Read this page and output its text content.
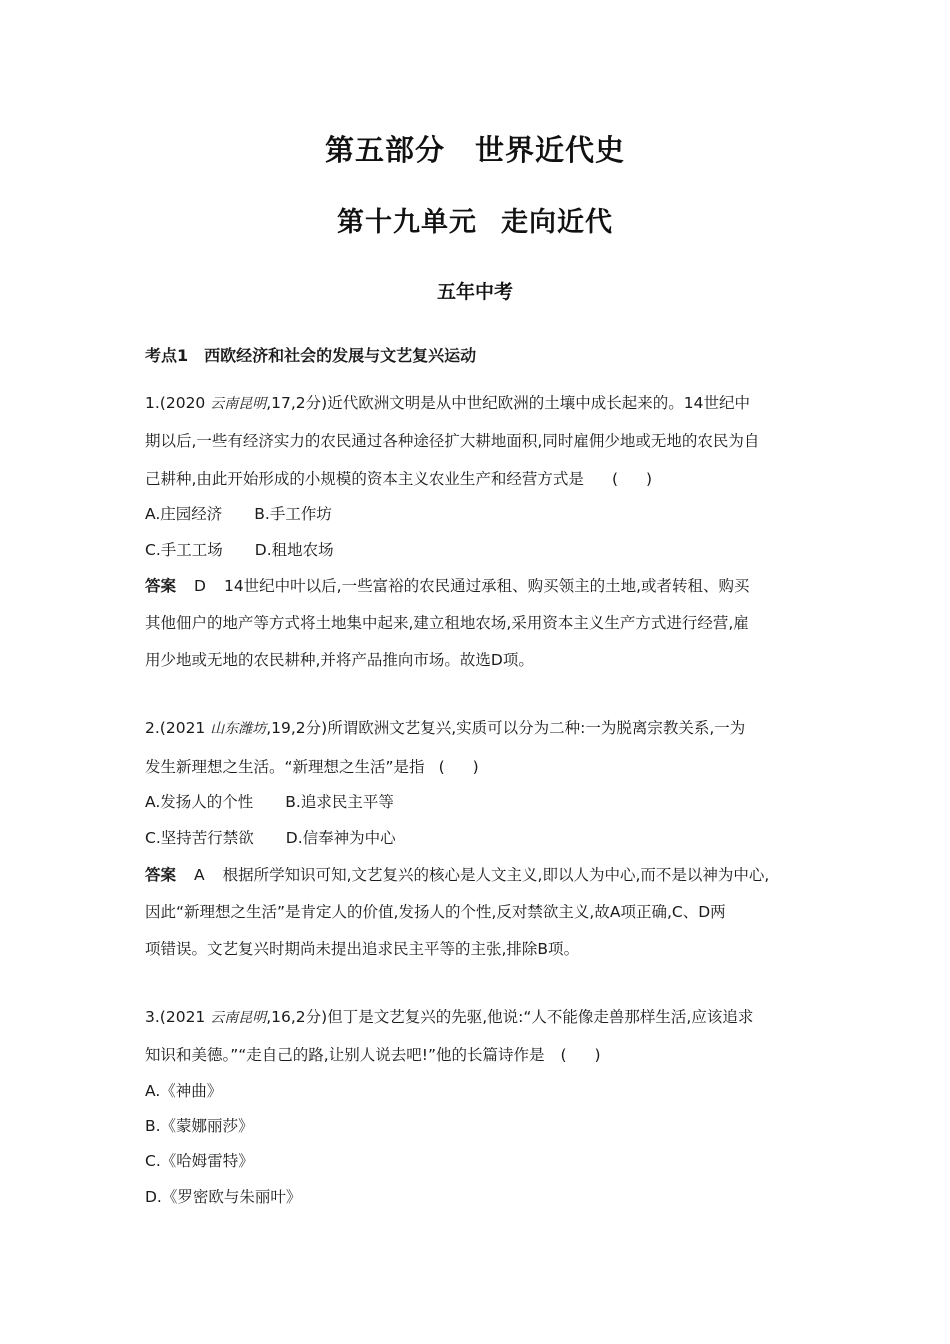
第五部分 世界近代史
第十九单元 走向近代
五年中考
考点1 西欧经济和社会的发展与文艺复兴运动
1.(2020 云南昆明,17,2分)近代欧洲文明是从中世纪欧洲的土壤中成长起来的。14世纪中
期以后,一些有经济实力的农民通过各种途径扩大耕地面积,同时雇佣少地或无地的农民为自
己耕种,由此开始形成的小规模的资本主义农业生产和经营方式是 ( )
A.庄园经济 B.手工作坊
C.手工工场 D.租地农场
答案 D 14世纪中叶以后,一些富裕的农民通过承租、购买领主的土地,或者转租、购买
其他佃户的地产等方式将土地集中起来,建立租地农场,采用资本主义生产方式进行经营,雇
用少地或无地的农民耕种,并将产品推向市场。故选D项。
2.(2021 山东潍坊,19,2分)所谓欧洲文艺复兴,实质可以分为二种:一为脱离宗教关系,一为
发生新理想之生活。“新理想之生活”是指 ( )
A.发扬人的个性 B.追求民主平等
C.坚持苦行禁欲 D.信奉神为中心
答案 A 根据所学知识可知,文艺复兴的核心是人文主义,即以人为中心,而不是以神为中心,
因此“新理想之生活”是肯定人的价值,发扬人的个性,反对禁欲主义,故A项正确,C、D两
项错误。文艺复兴时期尚未提出追求民主平等的主张,排除B项。
3.(2021 云南昆明,16,2分)但丁是文艺复兴的先驱,他说:“人不能像走兽那样生活,应该追求
知识和美德。”“走自己的路,让别人说去吧!”他的长篇诗作是 ( )
A.《神曲》
B.《蒙娜丽莎》
C.《哈姆雷特》
D.《罗密欧与朱丽叶》
